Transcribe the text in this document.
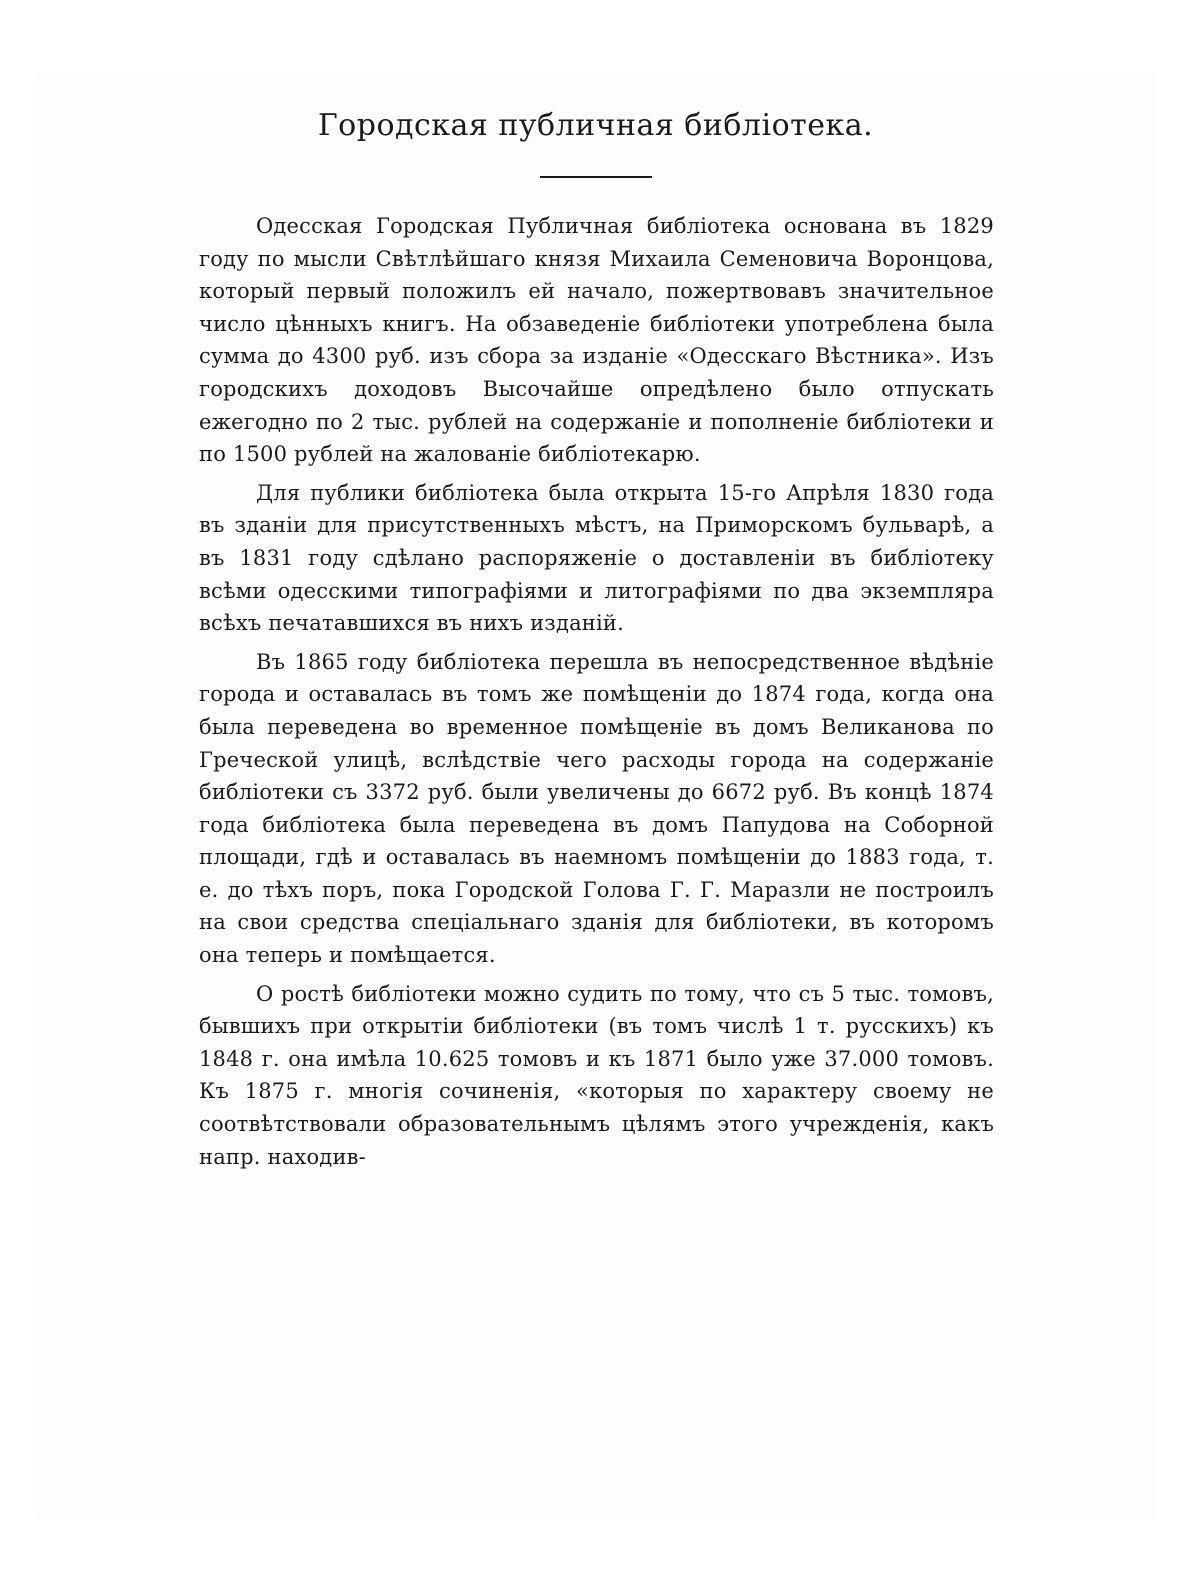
Городская публичная библіотека.

Одесская Городская Публичная библіотека основана въ 1829 году по мысли Свѣтлѣйшаго князя Михаила Семеновича Воронцова, который первый положилъ ей начало, пожертвовавъ значительное число цѣнныхъ книгъ. На обзаведеніе библіотеки употреблена была сумма до 4300 руб. изъ сбора за изданіе «Одесскаго Вѣстника». Изъ городскихъ доходовъ Высочайше опредѣлено было отпускать ежегодно по 2 тыс. рублей на содержаніе и пополненіе библіотеки и по 1500 рублей на жалованіе библіотекарю.

Для публики библіотека была открыта 15-го Апрѣля 1830 года въ зданіи для присутственныхъ мѣстъ, на Приморскомъ бульварѣ, а въ 1831 году сдѣлано распоряженіе о доставленіи въ библіотеку всѣми одесскими типографіями и литографіями по два экземпляра всѣхъ печатавшихся въ нихъ изданій.

Въ 1865 году библіотека перешла въ непосредственное вѣдѣніе города и оставалась въ томъ же помѣщеніи до 1874 года, когда она была переведена во временное помѣщеніе въ домъ Великанова по Греческой улицѣ, вслѣдствіе чего расходы города на содержаніе библіотеки съ 3372 руб. были увеличены до 6672 руб. Въ концѣ 1874 года библіотека была переведена въ домъ Папудова на Соборной площади, гдѣ и оставалась въ наемномъ помѣщеніи до 1883 года, т. е. до тѣхъ поръ, пока Городской Голова Г. Г. Маразли не построилъ на свои средства спеціальнаго зданія для библіотеки, въ которомъ она теперь и помѣщается.

О ростѣ библіотеки можно судить по тому, что съ 5 тыс. томовъ, бывшихъ при открытіи библіотеки (въ томъ числѣ 1 т. русскихъ) къ 1848 г. она имѣла 10.625 томовъ и къ 1871 было уже 37.000 томовъ. Къ 1875 г. многія сочиненія, «которыя по характеру своему не соотвѣтствовали образовательнымъ цѣлямъ этого учрежденія, какъ напр. находив-
